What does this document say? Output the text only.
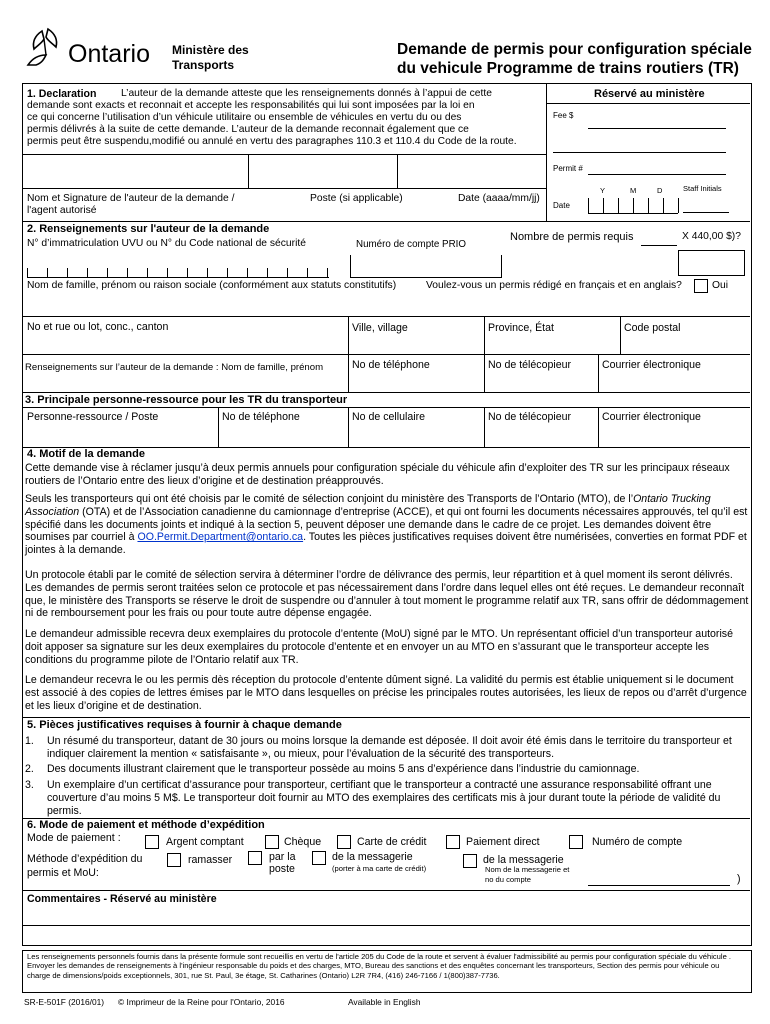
Ontario Ministère des
Transports
Demande de permis pour configuration spéciale
du vehicule Programme de trains routiers (TR)
1. Declaration L’auteur de la demande atteste que les renseignements donnés à l’appui de cette
demande sont exacts et reconnait et accepte les responsabilités qui lui sont imposées par la loi en
ce qui concerne l’utilisation d’un véhicule utilitaire ou ensemble de véhicules en vertu du ou des
permis délivrés à la suite de cette demande. L’auteur de la demande reconnait également que ce
permis peut être suspendu,modifié ou annulé en vertu des paragraphes 110.3 et 110.4 du Code de la route.
Nom et Signature de l'auteur de la demande /
l'agent autorisé
Poste (si applicable)	Date (aaaa/mm/jj)
Réservé au ministère
Fee $
Permit #
Y	M	D	Staff Initials
Date
2. Renseignements sur l'auteur de la demande
N° d’immatriculation UVU ou N° du Code national de sécurité	Numéro de compte PRIO
Nombre de permis requis	X 440,00 $)?
Nom de famille, prénom ou raison sociale (conformément aux statuts constitutifs)	Voulez-vous un permis rédigé en français et en anglais?	Oui
No et rue ou lot, conc., canton	Ville, village	Province, État	Code postal
Renseignements sur l’auteur de la demande : Nom de famille, prénom	No de téléphone	No de télécopieur	Courrier électronique
3. Principale personne-ressource pour les TR du transporteur
Personne-ressource / Poste	No de téléphone	No de cellulaire	No de télécopieur	Courrier électronique
4. Motif de la demande
Cette demande vise à réclamer jusqu’à deux permis annuels pour configuration spéciale du véhicule afin d’exploiter des TR sur les principaux réseaux routiers de l’Ontario entre des lieux d’origine et de destination préapprouvés.
Seuls les transporteurs qui ont été choisis par le comité de sélection conjoint du ministère des Transports de l’Ontario (MTO), de l’Ontario Trucking Association (OTA) et de l’Association canadienne du camionnage d’entreprise (ACCE), et qui ont fourni les documents nécessaires approuvés, tel qu’il est spécifié dans les documents joints et indiqué à la section 5, peuvent déposer une demande dans le cadre de ce projet. Les demandes doivent être soumises par courriel à OO.Permit.Department@ontario.ca. Toutes les pièces justificatives requises doivent être numérisées, converties en format PDF et jointes à la demande.
Un protocole établi par le comité de sélection servira à déterminer l’ordre de délivrance des permis, leur répartition et à quel moment ils seront délivrés. Les demandes de permis seront traitées selon ce protocole et pas nécessairement dans l’ordre dans lequel elles ont été reçues. Le demandeur reconnaît que, le ministère des Transports se réserve le droit de suspendre ou d’annuler à tout moment le programme relatif aux TR, sans offrir de dédommagement ni de remboursement pour les frais ou pour toute autre dépense engagée.
Le demandeur admissible recevra deux exemplaires du protocole d’entente (MoU) signé par le MTO. Un représentant officiel d’un transporteur autorisé doit apposer sa signature sur les deux exemplaires du protocole d’entente et en envoyer un au MTO en s’assurant que le transporteur accepte les conditions du programme pilote de l’Ontario relatif aux TR.
Le demandeur recevra le ou les permis dès réception du protocole d’entente dûment signé. La validité du permis est établie uniquement si le document est associé à des copies de lettres émises par le MTO dans lesquelles on précise les principales routes autorisées, les lieux de repos ou d’arrêt d’urgence et les lieux d’origine et de destination.
5. Pièces justificatives requises à fournir à chaque demande
1. Un résumé du transporteur, datant de 30 jours ou moins lorsque la demande est déposée. Il doit avoir été émis dans le territoire du transporteur et indiquer clairement la mention « satisfaisante », ou mieux, pour l’évaluation de la sécurité des transporteurs.
2. Des documents illustrant clairement que le transporteur possède au moins 5 ans d’expérience dans l’industrie du camionnage.
3. Un exemplaire d’un certificat d’assurance pour transporteur, certifiant que le transporteur a contracté une assurance responsabilité offrant une couverture d’au moins 5 M$. Le transporteur doit fournir au MTO des exemplaires des certificats mis à jour durant toute la période de validité du permis.
6. Mode de paiement et méthode d’expédition
Mode de paiement :	Argent comptant	Chèque	Carte de crédit	Paiement direct	Numéro de compte
Méthode d’expédition du
permis et MoU:
ramasser	par la
poste
de la messagerie
(porter à ma carte de crédit)
de la messagerie
Nom de la messagerie et
no du compte	)
Commentaires - Réservé au ministère
Les renseignements personnels fournis dans la présente formule sont recueillis en vertu de l'article 205 du Code de la route et servent à évaluer l'admissibilité au permis pour configuration spéciale du véhicule . Envoyer les demandes de renseignements à l'ingénieur responsable du poids et des charges, MTO, Bureau des sanctions et des enquêtes concernant les transporteurs, Section des permis pour véhicule ou charge de dimensions/poids exceptionnels, 301, rue St. Paul, 3e étage, St. Catharines (Ontario) L2R 7R4, (416) 246-7166 / 1(800)387-7736.
SR-E-501F (2016/01) © Imprimeur de la Reine pour l'Ontario, 2016	Available in English
